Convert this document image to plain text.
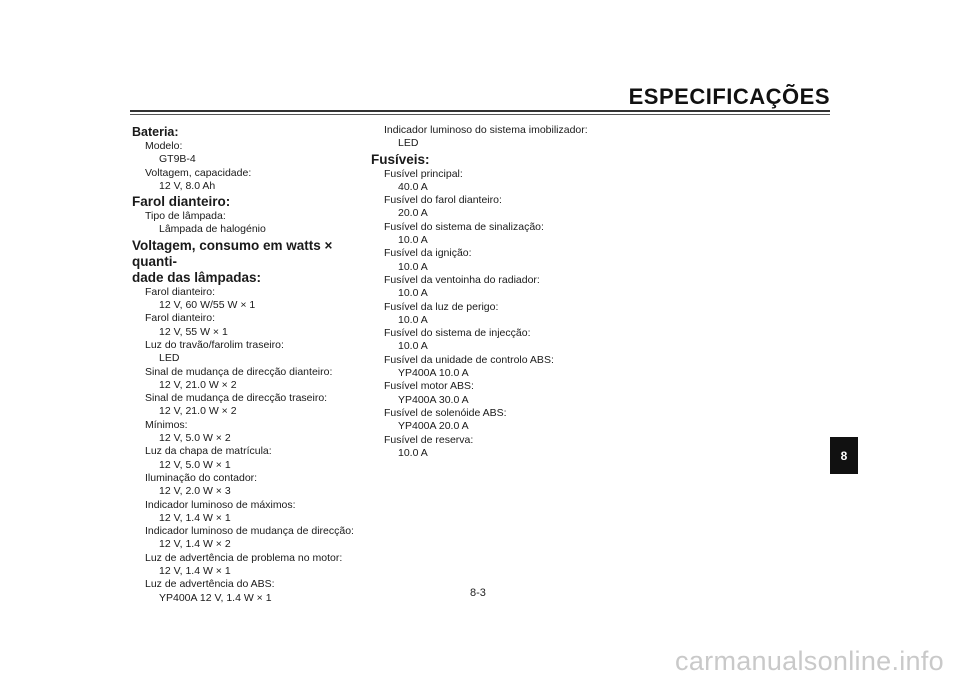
ESPECIFICAÇÕES
Bateria:
Modelo:
GT9B-4
Voltagem, capacidade:
12 V, 8.0 Ah
Farol dianteiro:
Tipo de lâmpada:
Lâmpada de halogénio
Voltagem, consumo em watts × quanti-
dade das lâmpadas:
Farol dianteiro:
12 V, 60 W/55 W × 1
Farol dianteiro:
12 V, 55 W × 1
Luz do travão/farolim traseiro:
LED
Sinal de mudança de direcção dianteiro:
12 V, 21.0 W × 2
Sinal de mudança de direcção traseiro:
12 V, 21.0 W × 2
Mínimos:
12 V, 5.0 W × 2
Luz da chapa de matrícula:
12 V, 5.0 W × 1
Iluminação do contador:
12 V, 2.0 W × 3
Indicador luminoso de máximos:
12 V, 1.4 W × 1
Indicador luminoso de mudança de direcção:
12 V, 1.4 W × 2
Luz de advertência de problema no motor:
12 V, 1.4 W × 1
Luz de advertência do ABS:
YP400A 12 V, 1.4 W × 1
Indicador luminoso do sistema imobilizador:
LED
Fusíveis:
Fusível principal:
40.0 A
Fusível do farol dianteiro:
20.0 A
Fusível do sistema de sinalização:
10.0 A
Fusível da ignição:
10.0 A
Fusível da ventoinha do radiador:
10.0 A
Fusível da luz de perigo:
10.0 A
Fusível do sistema de injecção:
10.0 A
Fusível da unidade de controlo ABS:
YP400A 10.0 A
Fusível motor ABS:
YP400A 30.0 A
Fusível de solenóide ABS:
YP400A 20.0 A
Fusível de reserva:
10.0 A	8
8-3
carmanualsonline.info
